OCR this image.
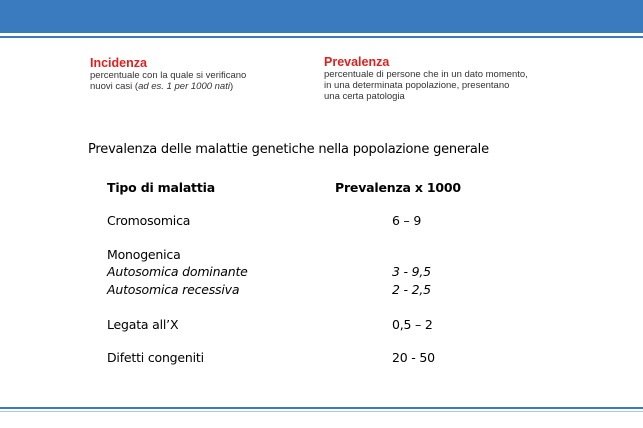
Incidenza
percentuale con la quale si verificano
nuovi casi (ad es. 1 per 1000 nati)
Prevalenza
percentuale di persone che in un dato momento,
in una determinata popolazione, presentano
una certa patologia
Prevalenza delle malattie genetiche nella popolazione generale
Tipo di malattia	Prevalenza x 1000
Cromosomica	6 – 9
Monogenica
Autosomica dominante	3 - 9,5
Autosomica recessiva	2 - 2,5
Legata all’X	0,5 – 2
Difetti congeniti	20 - 50
